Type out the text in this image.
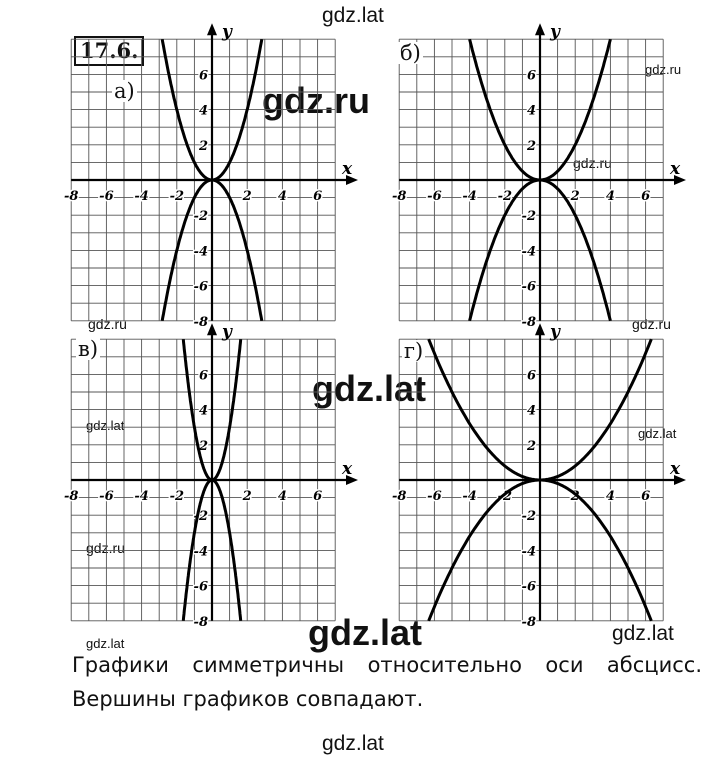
gdz.lat
gdz.ru
gdz.ru
gdz.ru
gdz.ru	gdz.ru
gdz.lat
gdz.lat
gdz.lat
gdz.ru
gdz.lat
gdz.lat	gdz.lat
gdz.lat
17.6.
x
y
-8 -6 -4 -2	2 4 6
6
4
2
-2
-4
-6
-8
x
y
-8 -6 -4 -2	2 4 6
6
4
2
-2
-4
-6
-8
x
y
-8 -6 -4 -2	2 4 6
6
4
2
-2
-4
-6
-8
x
y
-8 -6 -4 -2	2 4 6
6
4
2
-2
-4
-6
-8
а)
б)
в)	г)
Графики симметричны относительно оси абсцисс. Вершины графиков совпадают.
